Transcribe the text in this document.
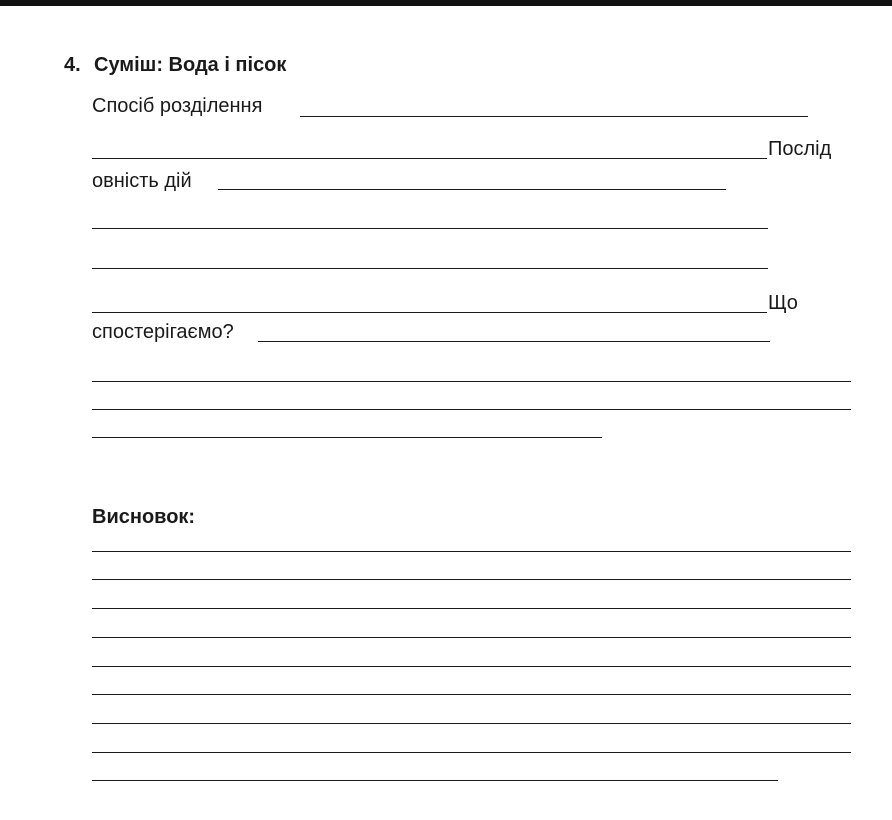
4. Суміш: Вода і пісок
Спосіб розділення
Послід
овність дій
Що
спостерігаємо?
Висновок:
